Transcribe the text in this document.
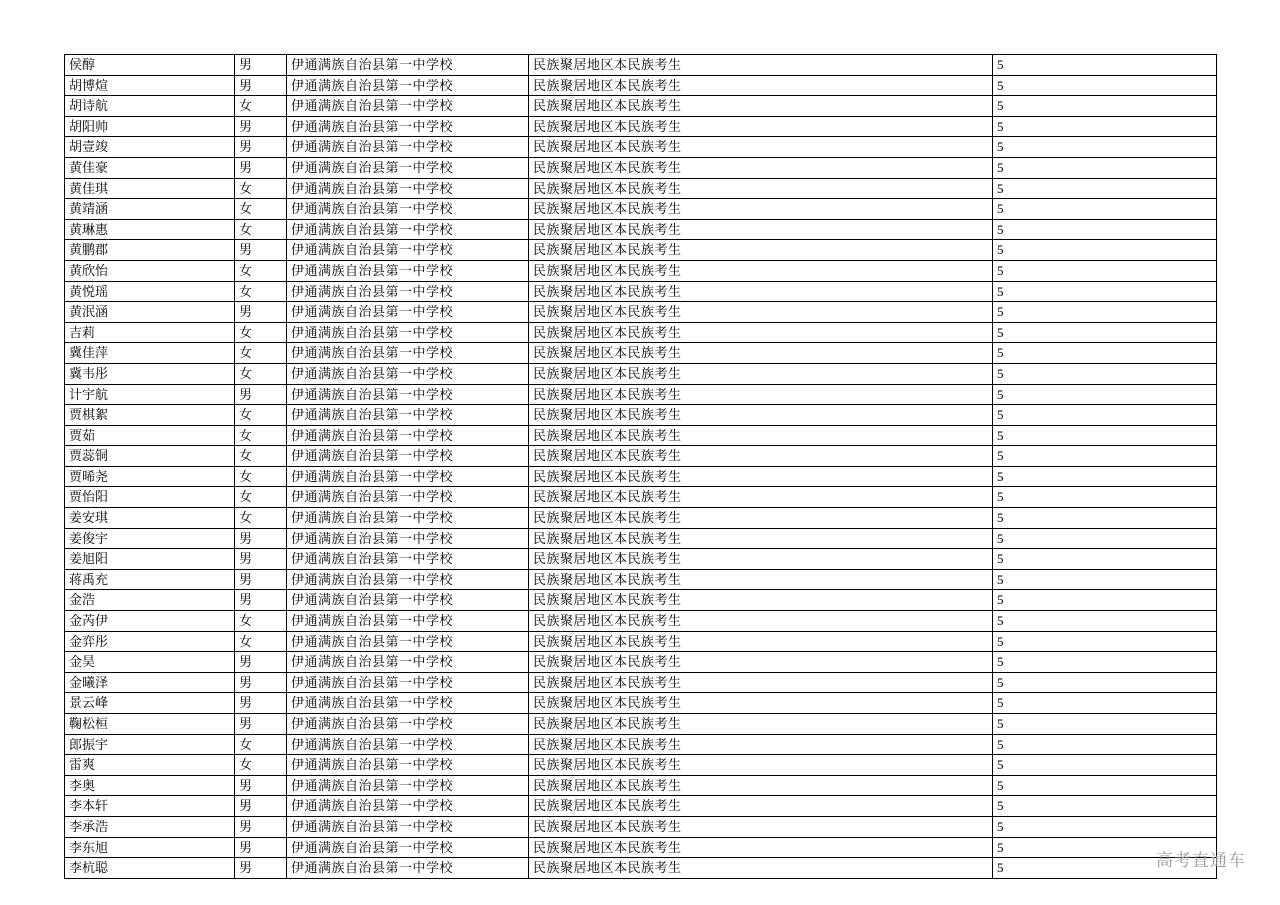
侯醇	男	伊通满族自治县第一中学校	民族聚居地区本民族考生	5
胡博煊	男	伊通满族自治县第一中学校	民族聚居地区本民族考生	5
胡诗航	女	伊通满族自治县第一中学校	民族聚居地区本民族考生	5
胡阳帅	男	伊通满族自治县第一中学校	民族聚居地区本民族考生	5
胡壹竣	男	伊通满族自治县第一中学校	民族聚居地区本民族考生	5
黄佳豪	男	伊通满族自治县第一中学校	民族聚居地区本民族考生	5
黄佳琪	女	伊通满族自治县第一中学校	民族聚居地区本民族考生	5
黄靖涵	女	伊通满族自治县第一中学校	民族聚居地区本民族考生	5
黄琳惠	女	伊通满族自治县第一中学校	民族聚居地区本民族考生	5
黄鹏郡	男	伊通满族自治县第一中学校	民族聚居地区本民族考生	5
黄欣怡	女	伊通满族自治县第一中学校	民族聚居地区本民族考生	5
黄悦瑶	女	伊通满族自治县第一中学校	民族聚居地区本民族考生	5
黄泯涵	男	伊通满族自治县第一中学校	民族聚居地区本民族考生	5
吉莉	女	伊通满族自治县第一中学校	民族聚居地区本民族考生	5
冀佳萍	女	伊通满族自治县第一中学校	民族聚居地区本民族考生	5
冀韦彤	女	伊通满族自治县第一中学校	民族聚居地区本民族考生	5
计宇航	男	伊通满族自治县第一中学校	民族聚居地区本民族考生	5
贾棋絮	女	伊通满族自治县第一中学校	民族聚居地区本民族考生	5
贾茹	女	伊通满族自治县第一中学校	民族聚居地区本民族考生	5
贾蕊铜	女	伊通满族自治县第一中学校	民族聚居地区本民族考生	5
贾晞尧	女	伊通满族自治县第一中学校	民族聚居地区本民族考生	5
贾怡阳	女	伊通满族自治县第一中学校	民族聚居地区本民族考生	5
姜安琪	女	伊通满族自治县第一中学校	民族聚居地区本民族考生	5
姜俊宇	男	伊通满族自治县第一中学校	民族聚居地区本民族考生	5
姜旭阳	男	伊通满族自治县第一中学校	民族聚居地区本民族考生	5
蒋禹充	男	伊通满族自治县第一中学校	民族聚居地区本民族考生	5
金浩	男	伊通满族自治县第一中学校	民族聚居地区本民族考生	5
金芮伊	女	伊通满族自治县第一中学校	民族聚居地区本民族考生	5
金弈彤	女	伊通满族自治县第一中学校	民族聚居地区本民族考生	5
金昊	男	伊通满族自治县第一中学校	民族聚居地区本民族考生	5
金曦泽	男	伊通满族自治县第一中学校	民族聚居地区本民族考生	5
景云峰	男	伊通满族自治县第一中学校	民族聚居地区本民族考生	5
鞠松桓	男	伊通满族自治县第一中学校	民族聚居地区本民族考生	5
郎振宇	女	伊通满族自治县第一中学校	民族聚居地区本民族考生	5
雷爽	女	伊通满族自治县第一中学校	民族聚居地区本民族考生	5
李奥	男	伊通满族自治县第一中学校	民族聚居地区本民族考生	5
李本轩	男	伊通满族自治县第一中学校	民族聚居地区本民族考生	5
李承浩	男	伊通满族自治县第一中学校	民族聚居地区本民族考生	5
李东旭	男	伊通满族自治县第一中学校	民族聚居地区本民族考生	5
李杭聪	男	伊通满族自治县第一中学校	民族聚居地区本民族考生	5	高考直通车
